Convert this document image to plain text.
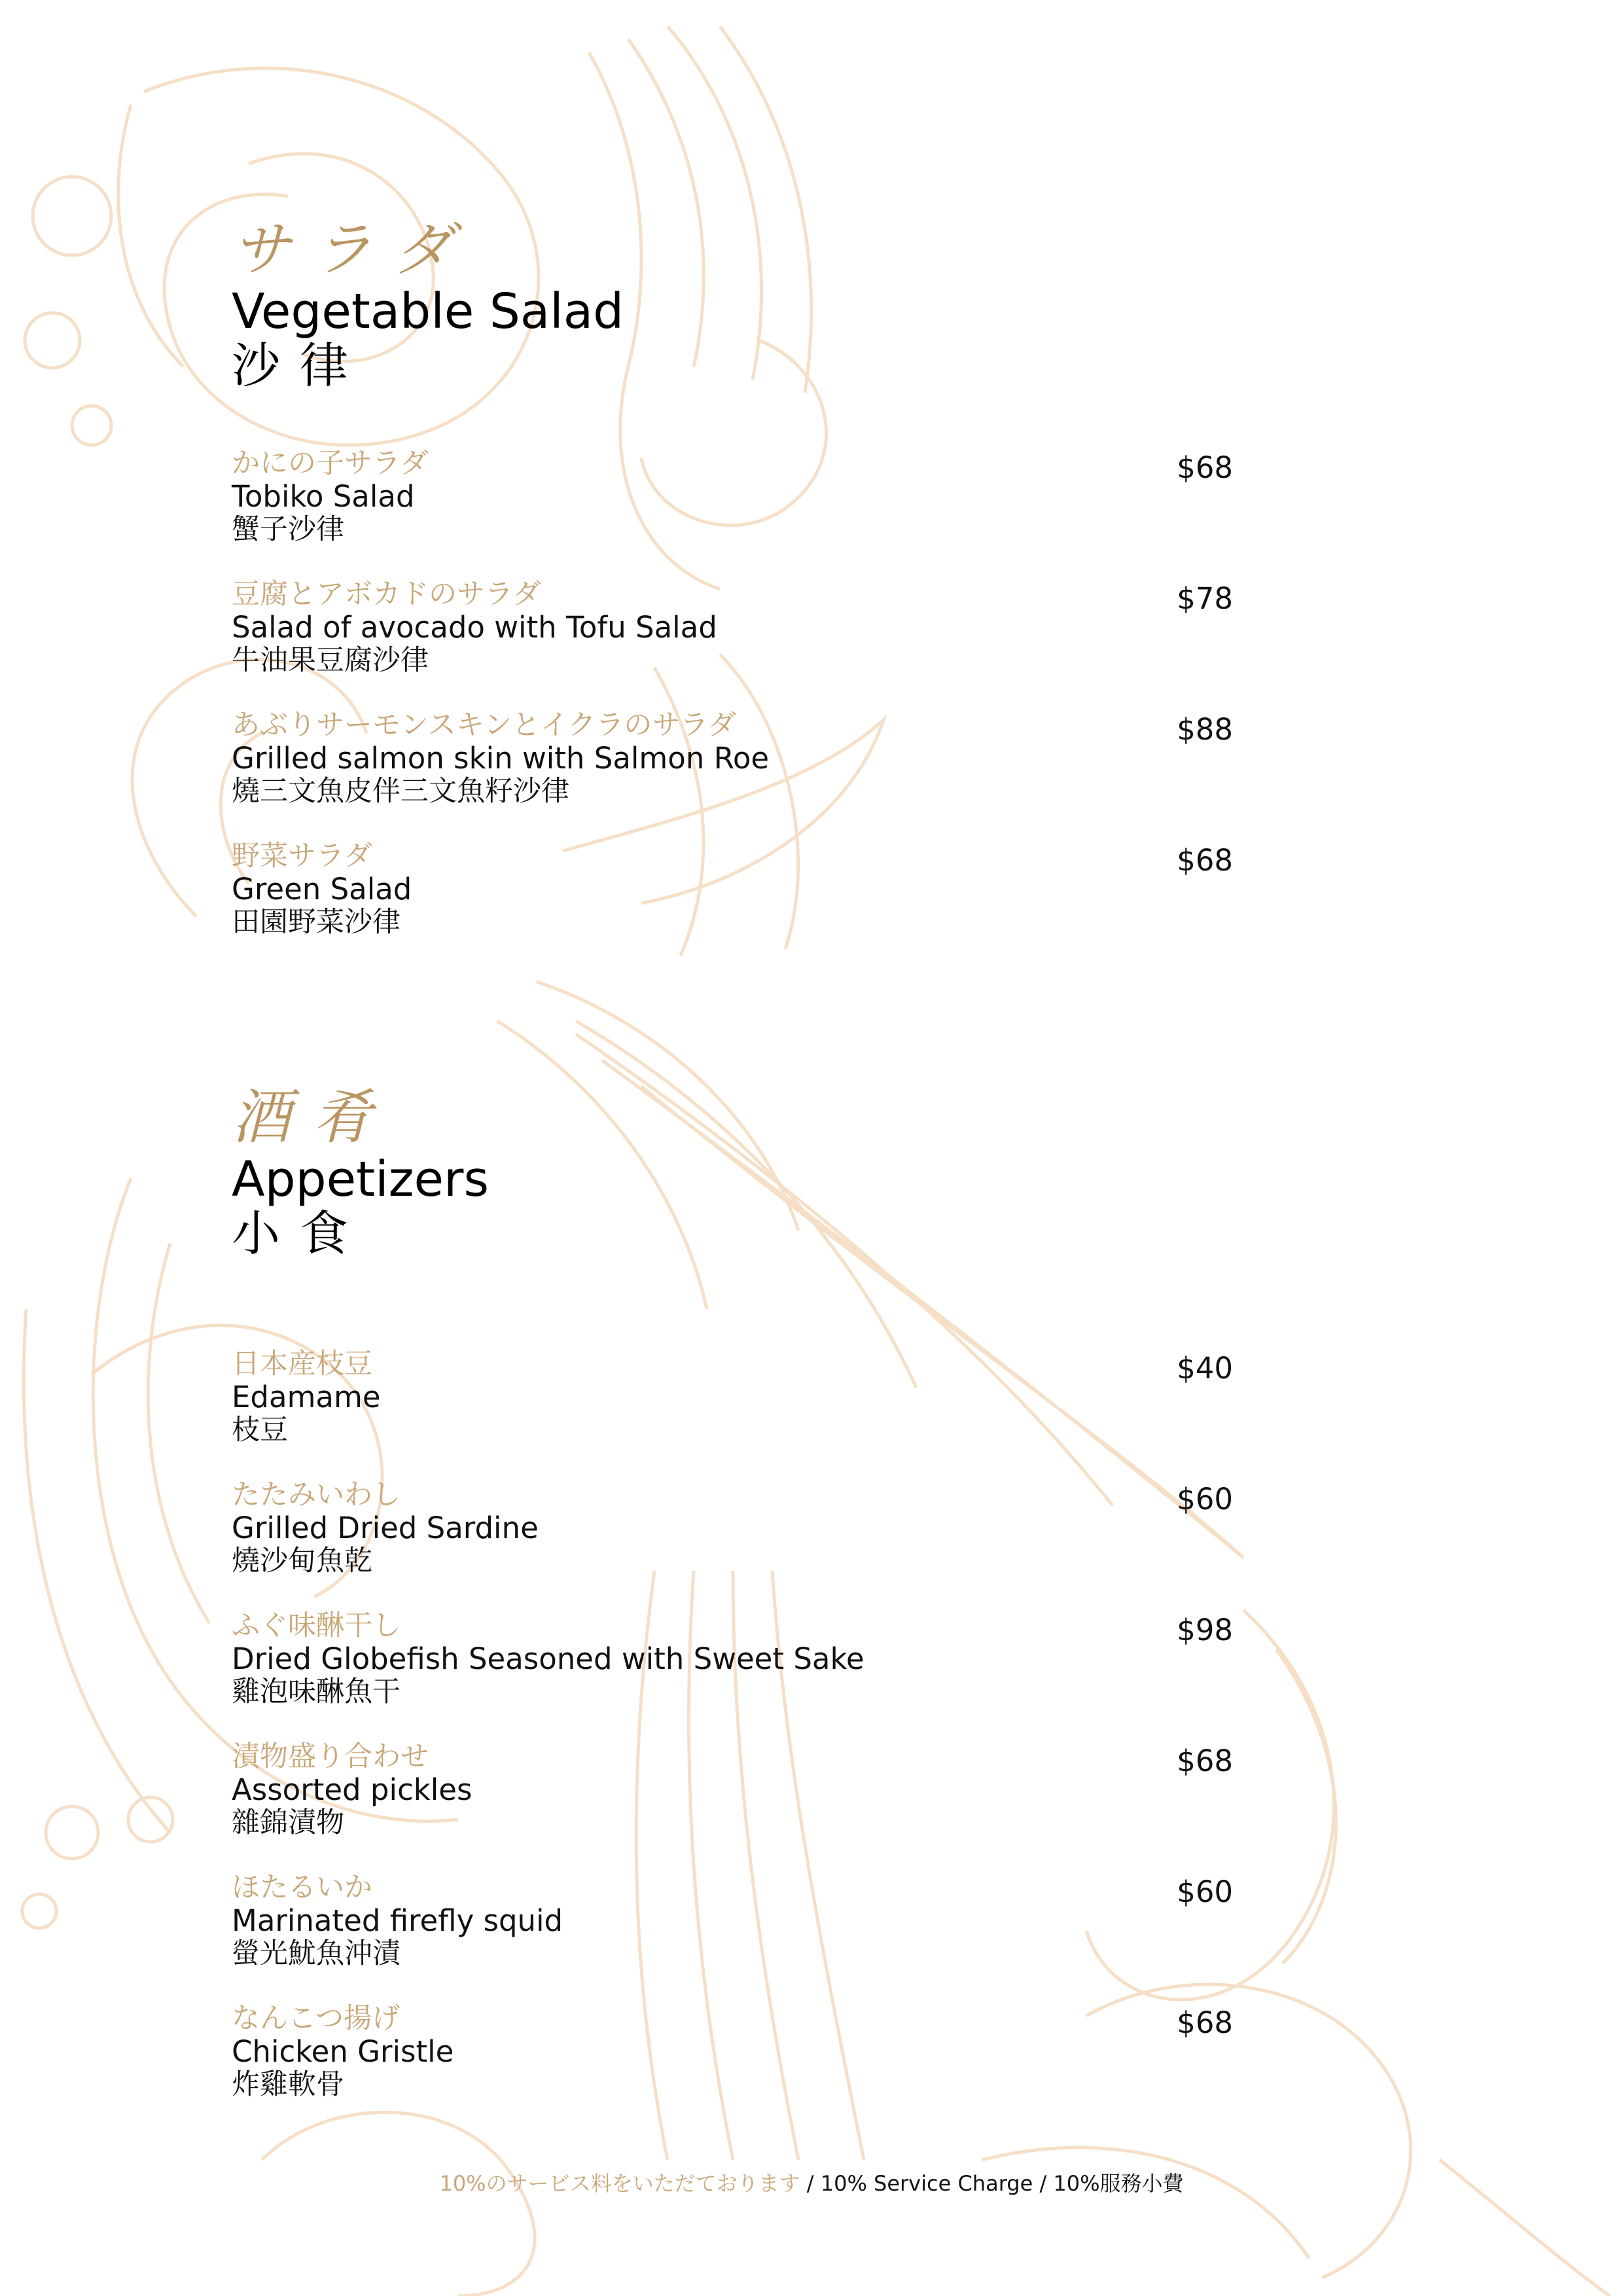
サラダ
Vegetable Salad
沙律
かにの子サラダ
Tobiko Salad
蟹子沙律
$68
豆腐とアボカドのサラダ
Salad of avocado with Tofu Salad
牛油果豆腐沙律
$78
あぶりサーモンスキンとイクラのサラダ
Grilled salmon skin with Salmon Roe
燒三文魚皮伴三文魚籽沙律
$88
野菜サラダ
Green Salad
田園野菜沙律
$68
酒肴
Appetizers
小食
日本産枝豆
Edamame
枝豆
$40
たたみいわし
Grilled Dried Sardine
燒沙甸魚乾
$60
ふぐ味醂干し
Dried Globefish Seasoned with Sweet Sake
雞泡味醂魚干
$98
漬物盛り合わせ
Assorted pickles
雜錦漬物
$68
ほたるいか
Marinated firefly squid
螢光魷魚沖漬
$60
なんこつ揚げ
Chicken Gristle
炸雞軟骨
$68
10%のサービス料をいただております / 10% Service Charge / 10%服務小費
